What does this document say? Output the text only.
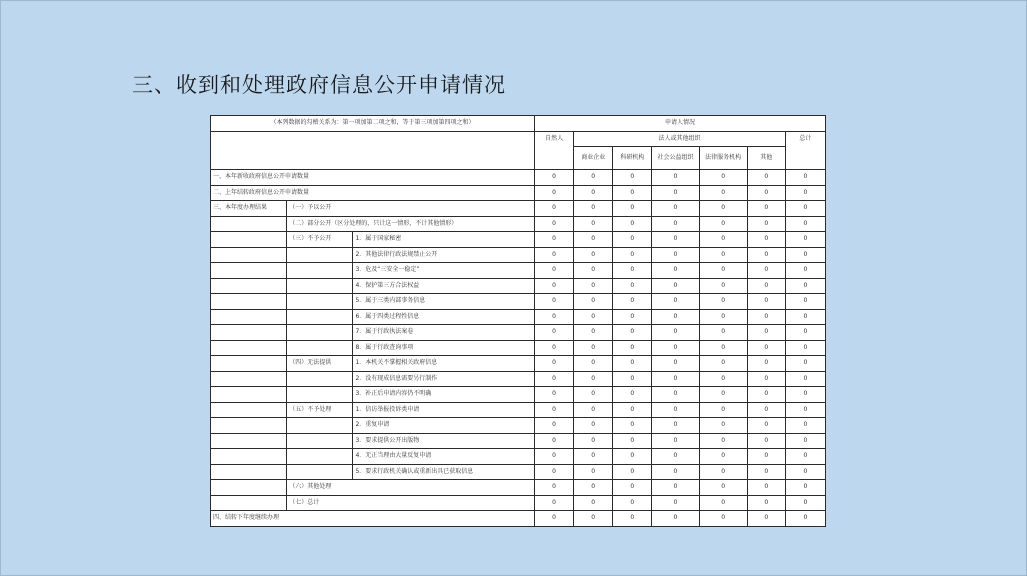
三、收到和处理政府信息公开申请情况
（本列数据的勾稽关系为：第一项加第二项之和，等于第三项加第四项之和）			申请人情况						
			自然人	法人或其他组织					总计
				商业企业	科研机构	社会公益组织	法律服务机构	其他	
一、本年新收政府信息公开申请数量			0	0	0	0	0	0	0
二、上年结转政府信息公开申请数量			0	0	0	0	0	0	0
三、本年度办理结果	（一）予以公开		0	0	0	0	0	0	0
	（二）部分公开（区分处理的，只计这一情形，不计其他情形）		0	0	0	0	0	0	0
	（三）不予公开	1．属于国家秘密	0	0	0	0	0	0	0
		2．其他法律行政法规禁止公开	0	0	0	0	0	0	0
		3．危及“三安全一稳定”	0	0	0	0	0	0	0
		4．保护第三方合法权益	0	0	0	0	0	0	0
		5．属于三类内部事务信息	0	0	0	0	0	0	0
		6．属于四类过程性信息	0	0	0	0	0	0	0
		7．属于行政执法案卷	0	0	0	0	0	0	0
		8．属于行政查询事项	0	0	0	0	0	0	0
	（四）无法提供	1．本机关不掌握相关政府信息	0	0	0	0	0	0	0
		2．没有现成信息需要另行制作	0	0	0	0	0	0	0
		3．补正后申请内容仍不明确	0	0	0	0	0	0	0
	（五）不予处理	1．信访举报投诉类申请	0	0	0	0	0	0	0
		2．重复申请	0	0	0	0	0	0	0
		3．要求提供公开出版物	0	0	0	0	0	0	0
		4．无正当理由大量反复申请	0	0	0	0	0	0	0
		5．要求行政机关确认或重新出具已获取信息	0	0	0	0	0	0	0
	（六）其他处理		0	0	0	0	0	0	0
	（七）总计		0	0	0	0	0	0	0
四、结转下年度继续办理			0	0	0	0	0	0	0
